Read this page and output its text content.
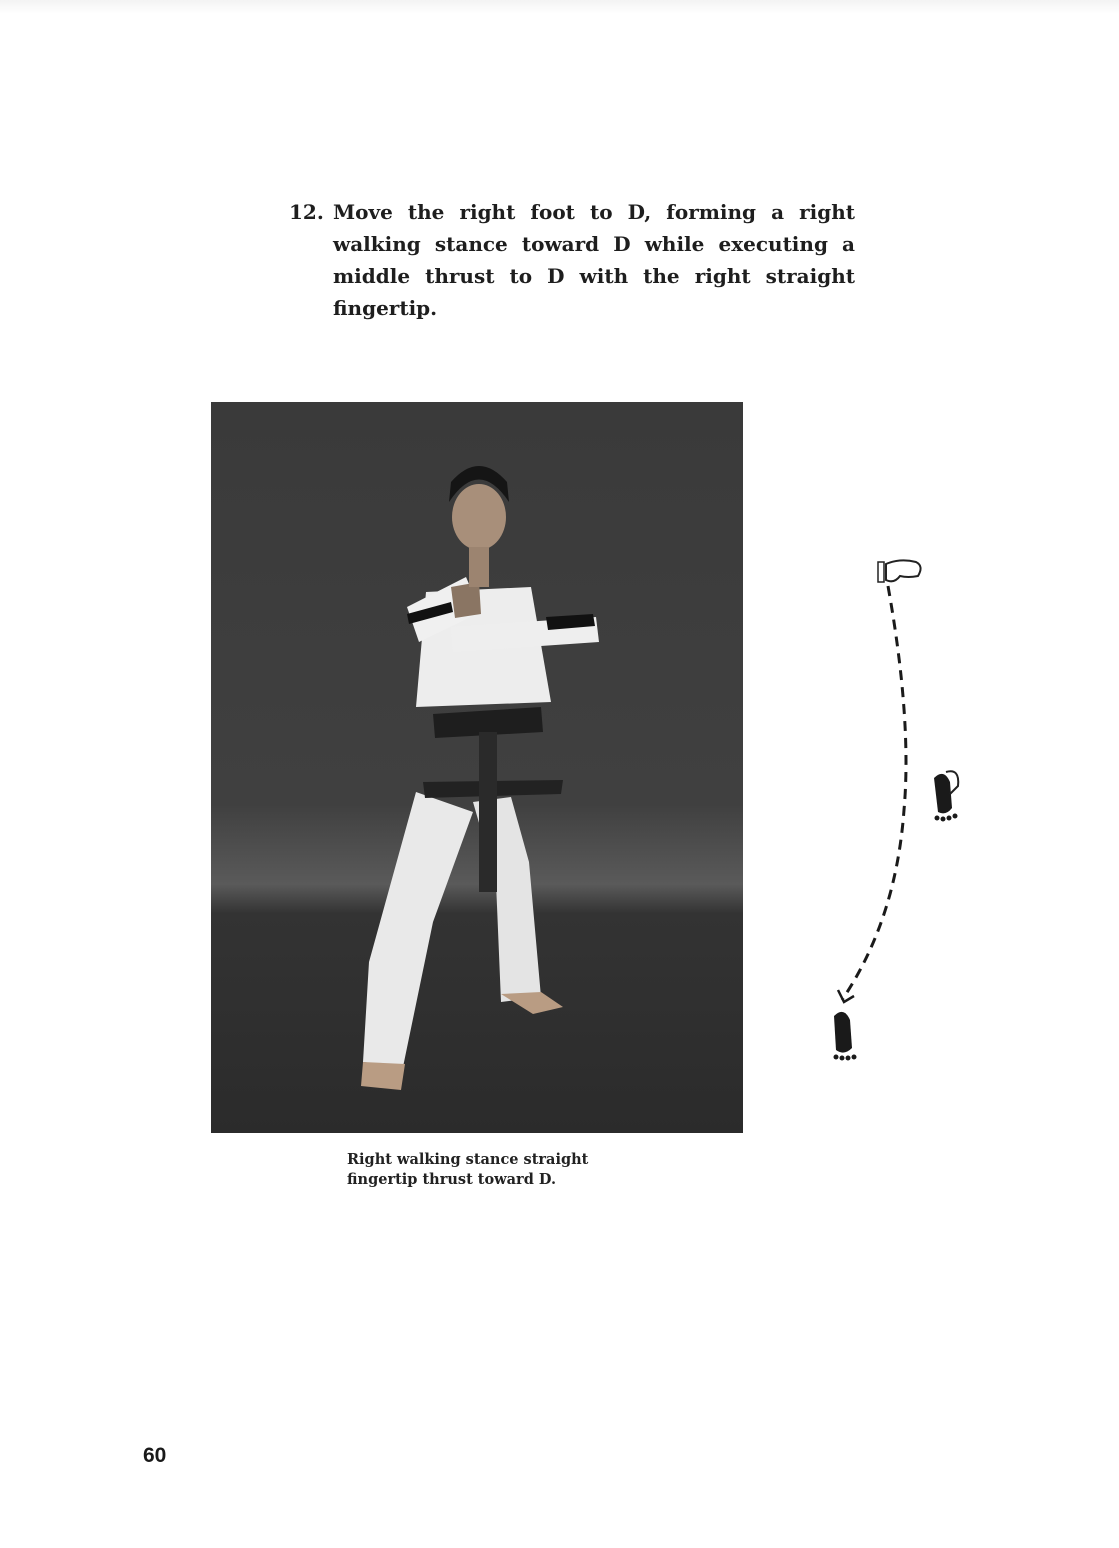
12. Move the right foot to D, forming a right walking stance toward D while executing a middle thrust to D with the right straight fingertip.
Right walking stance straight
fingertip thrust toward D.
60
